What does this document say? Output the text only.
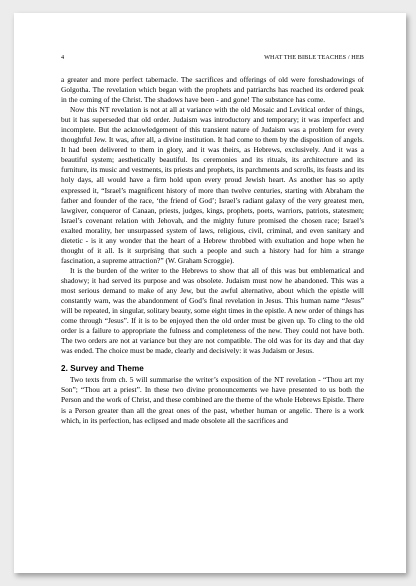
4	WHAT THE BIBLE TEACHES / HEB

a greater and more perfect tabernacle. The sacrifices and offerings of old were foreshadowings of Golgotha. The revelation which began with the prophets and patriarchs has reached its ordered peak in the coming of the Christ. The shadows have been - and gone! The substance has come.

Now this NT revelation is not at all at variance with the old Mosaic and Levitical order of things, but it has superseded that old order. Judaism was introductory and temporary; it was imperfect and incomplete. But the acknowledgement of this transient nature of Judaism was a problem for every thoughtful Jew. It was, after all, a divine institution. It had come to them by the disposition of angels. It had been delivered to them in glory, and it was theirs, as Hebrews, exclusively. And it was a beautiful system; aesthetically beautiful. Its ceremonies and its rituals, its architecture and its furniture, its music and vestments, its priests and prophets, its parchments and scrolls, its feasts and its holy days, all would have a firm hold upon every proud Jewish heart. As another has so aptly expressed it, “Israel’s magnificent history of more than twelve centuries, starting with Abraham the father and founder of the race, ‘the friend of God’; Israel’s radiant galaxy of the very greatest men, lawgiver, conqueror of Canaan, priests, judges, kings, prophets, poets, warriors, patriots, statesmen; Israel’s covenant relation with Jehovah, and the mighty future promised the chosen race; Israel’s exalted morality, her unsurpassed system of laws, religious, civil, criminal, and even sanitary and dietetic - is it any wonder that the heart of a Hebrew throbbed with exultation and hope when he thought of it all. Is it surprising that such a people and such a history had for him a strange fascination, a supreme attraction?” (W. Graham Scroggie).

It is the burden of the writer to the Hebrews to show that all of this was but emblematical and shadowy; it had served its purpose and was obsolete. Judaism must now he abandoned. This was a most serious demand to make of any Jew, but the awful alternative, about which the epistle will constantly warn, was the abandonment of God’s final revelation in Jesus. This human name “Jesus” will be repeated, in singular, solitary beauty, some eight times in the epistle. A new order of things has come through “Jesus”. If it is to be enjoyed then the old order must be given up. To cling to the old order is a failure to appropriate the fulness and completeness of the new. They could not have both. The two orders are not at variance but they are not compatible. The old was for its day and that day was ended. The choice must be made, clearly and decisively: it was Judaism or Jesus.

2. Survey and Theme

Two texts from ch. 5 will summarise the writer’s exposition of the NT revelation - “Thou art my Son”; “Thou art a priest”. In these two divine pronouncements we have presented to us both the Person and the work of Christ, and these combined are the theme of the whole Hebrews Epistle. There is a Person greater than all the great ones of the past, whether human or angelic. There is a work which, in its perfection, has eclipsed and made obsolete all the sacrifices and
